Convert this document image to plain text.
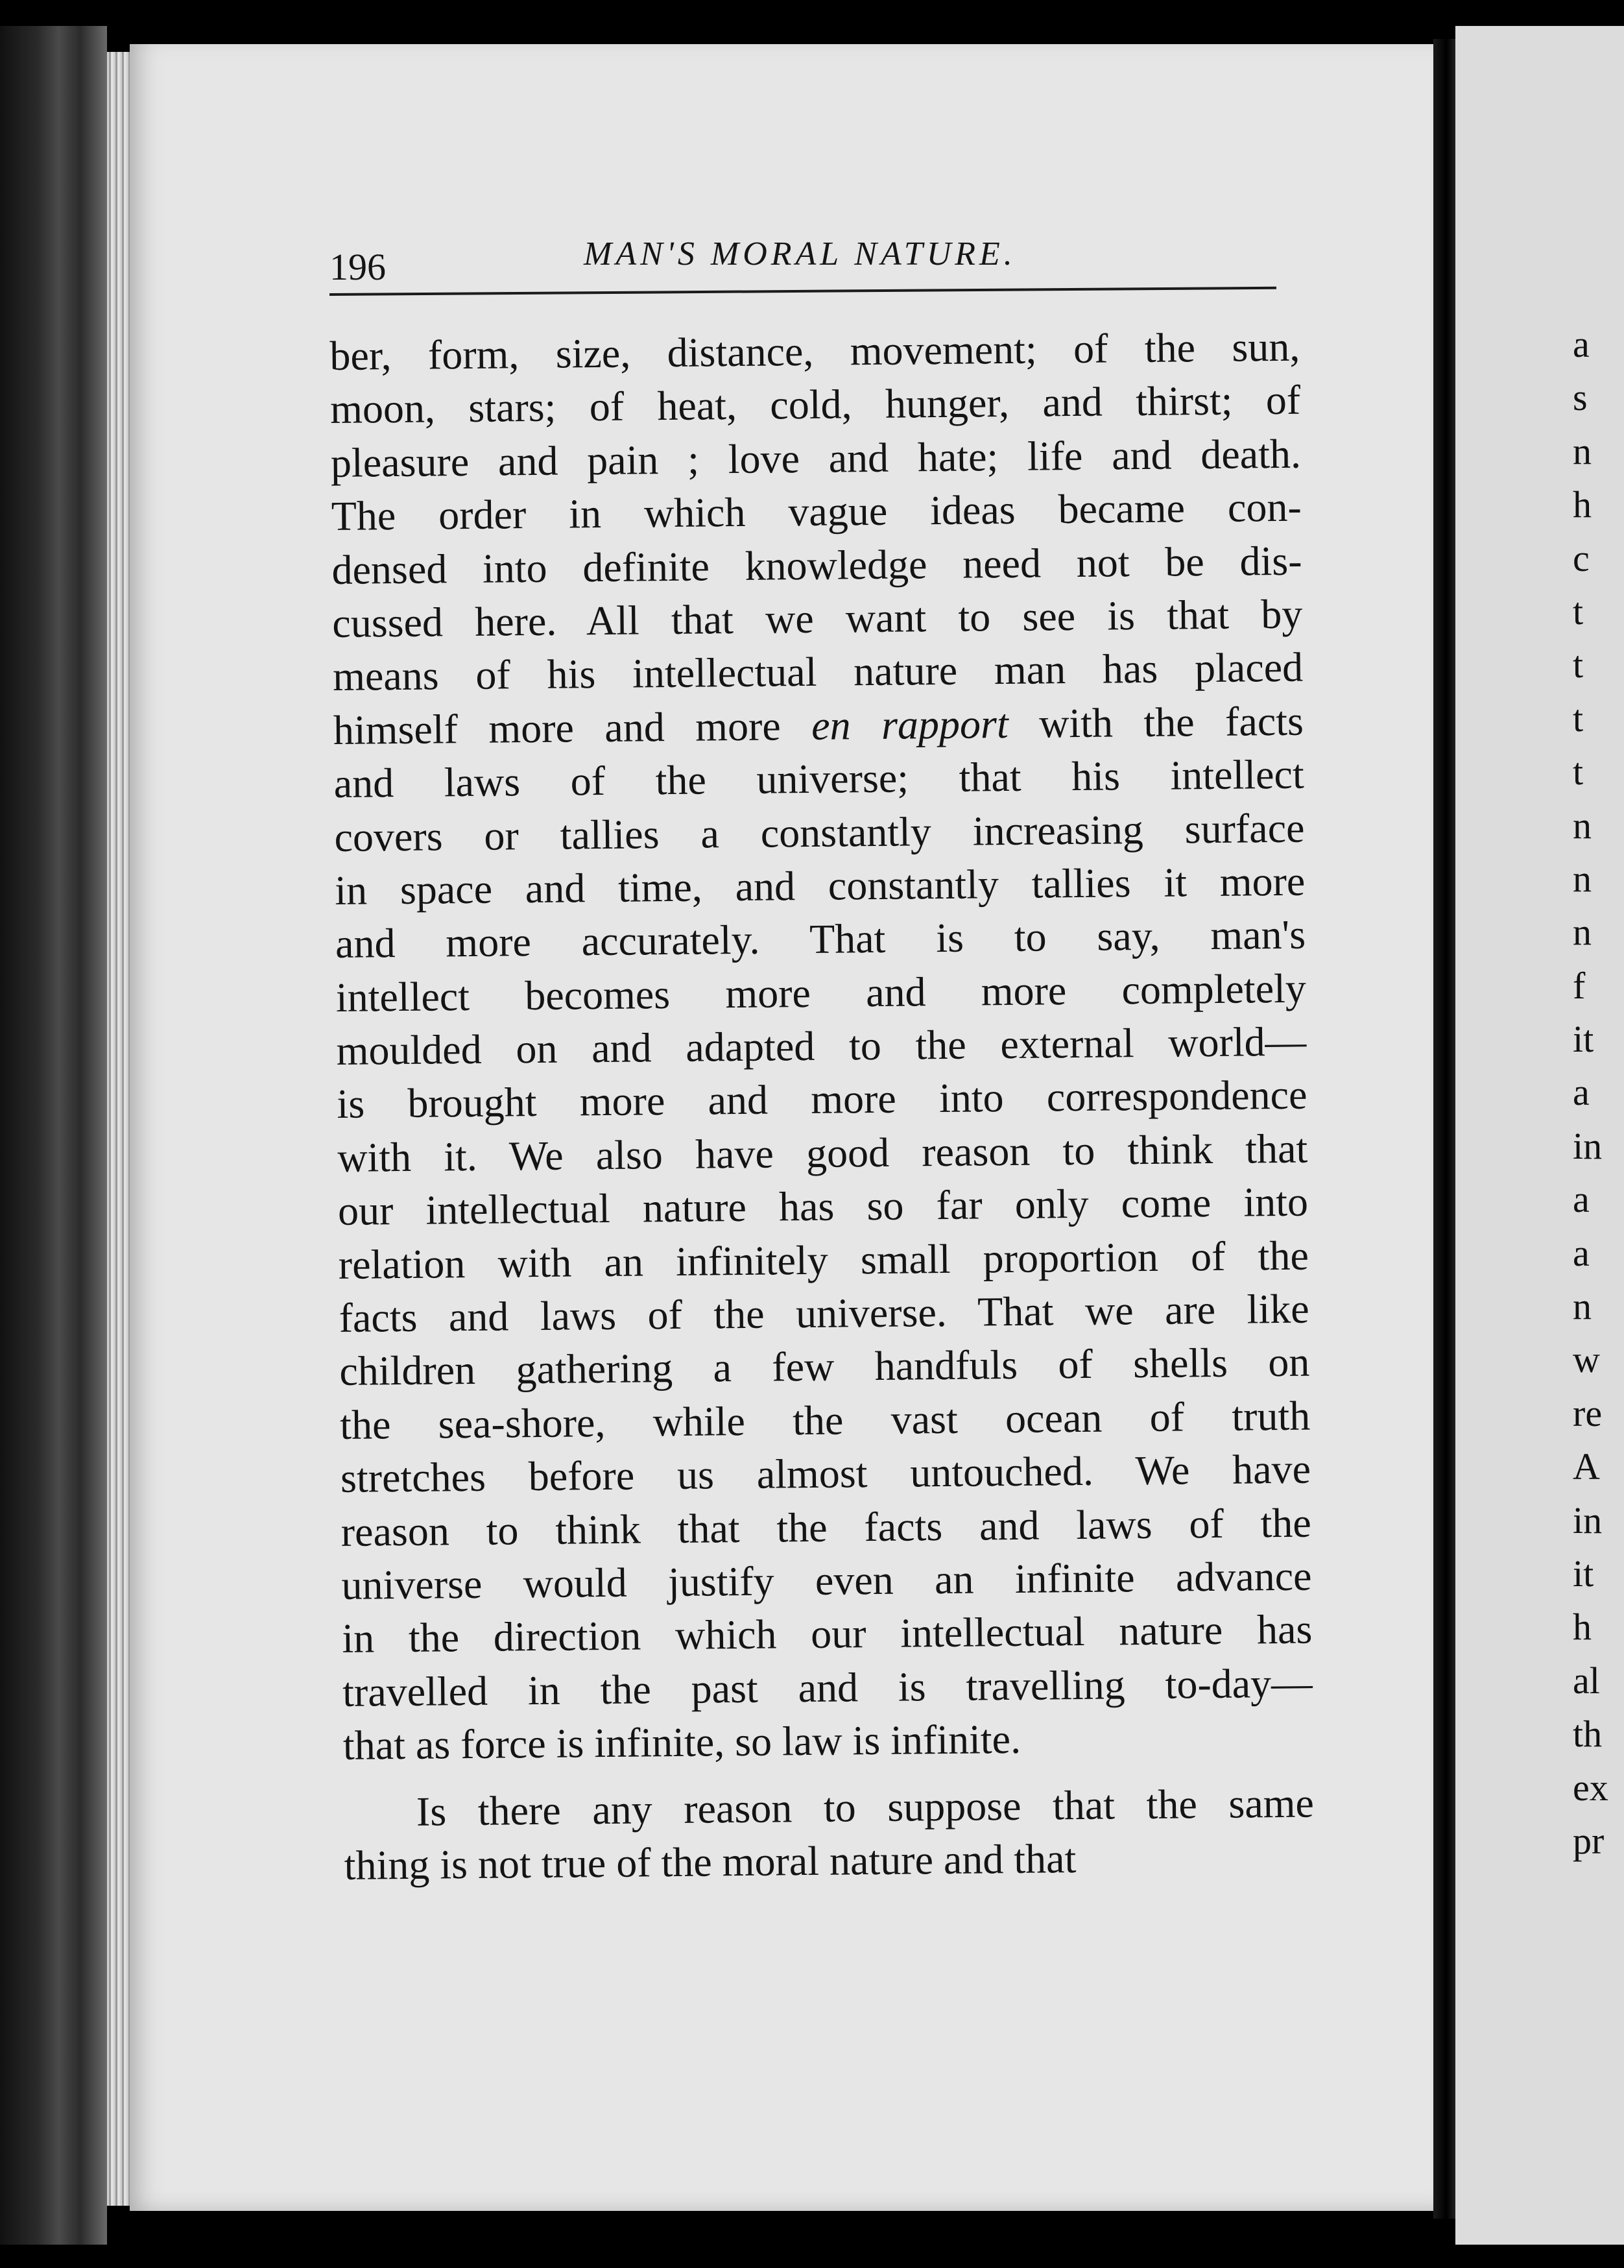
a
s
n
h
c
t
t
t
t
n
n
n
f
it
a
in
a
a
n
w
re
A
in
it
h
al
th
ex
pr
196	MAN'S MORAL NATURE.
ber, form, size, distance, movement; of the sun,
moon, stars; of heat, cold, hunger, and thirst; of
pleasure and pain ; love and hate; life and death.
The order in which vague ideas became con-
densed into definite knowledge need not be dis-
cussed here. All that we want to see is that by
means of his intellectual nature man has placed
himself more and more en rapport with the facts
and laws of the universe; that his intellect
covers or tallies a constantly increasing surface
in space and time, and constantly tallies it more
and more accurately. That is to say, man's
intellect becomes more and more completely
moulded on and adapted to the external world—
is brought more and more into correspondence
with it. We also have good reason to think that
our intellectual nature has so far only come into
relation with an infinitely small proportion of the
facts and laws of the universe. That we are like
children gathering a few handfuls of shells on
the sea-shore, while the vast ocean of truth
stretches before us almost untouched. We have
reason to think that the facts and laws of the
universe would justify even an infinite advance
in the direction which our intellectual nature has
travelled in the past and is travelling to-day—
that as force is infinite, so law is infinite.
Is there any reason to suppose that the same
thing is not true of the moral nature and that
